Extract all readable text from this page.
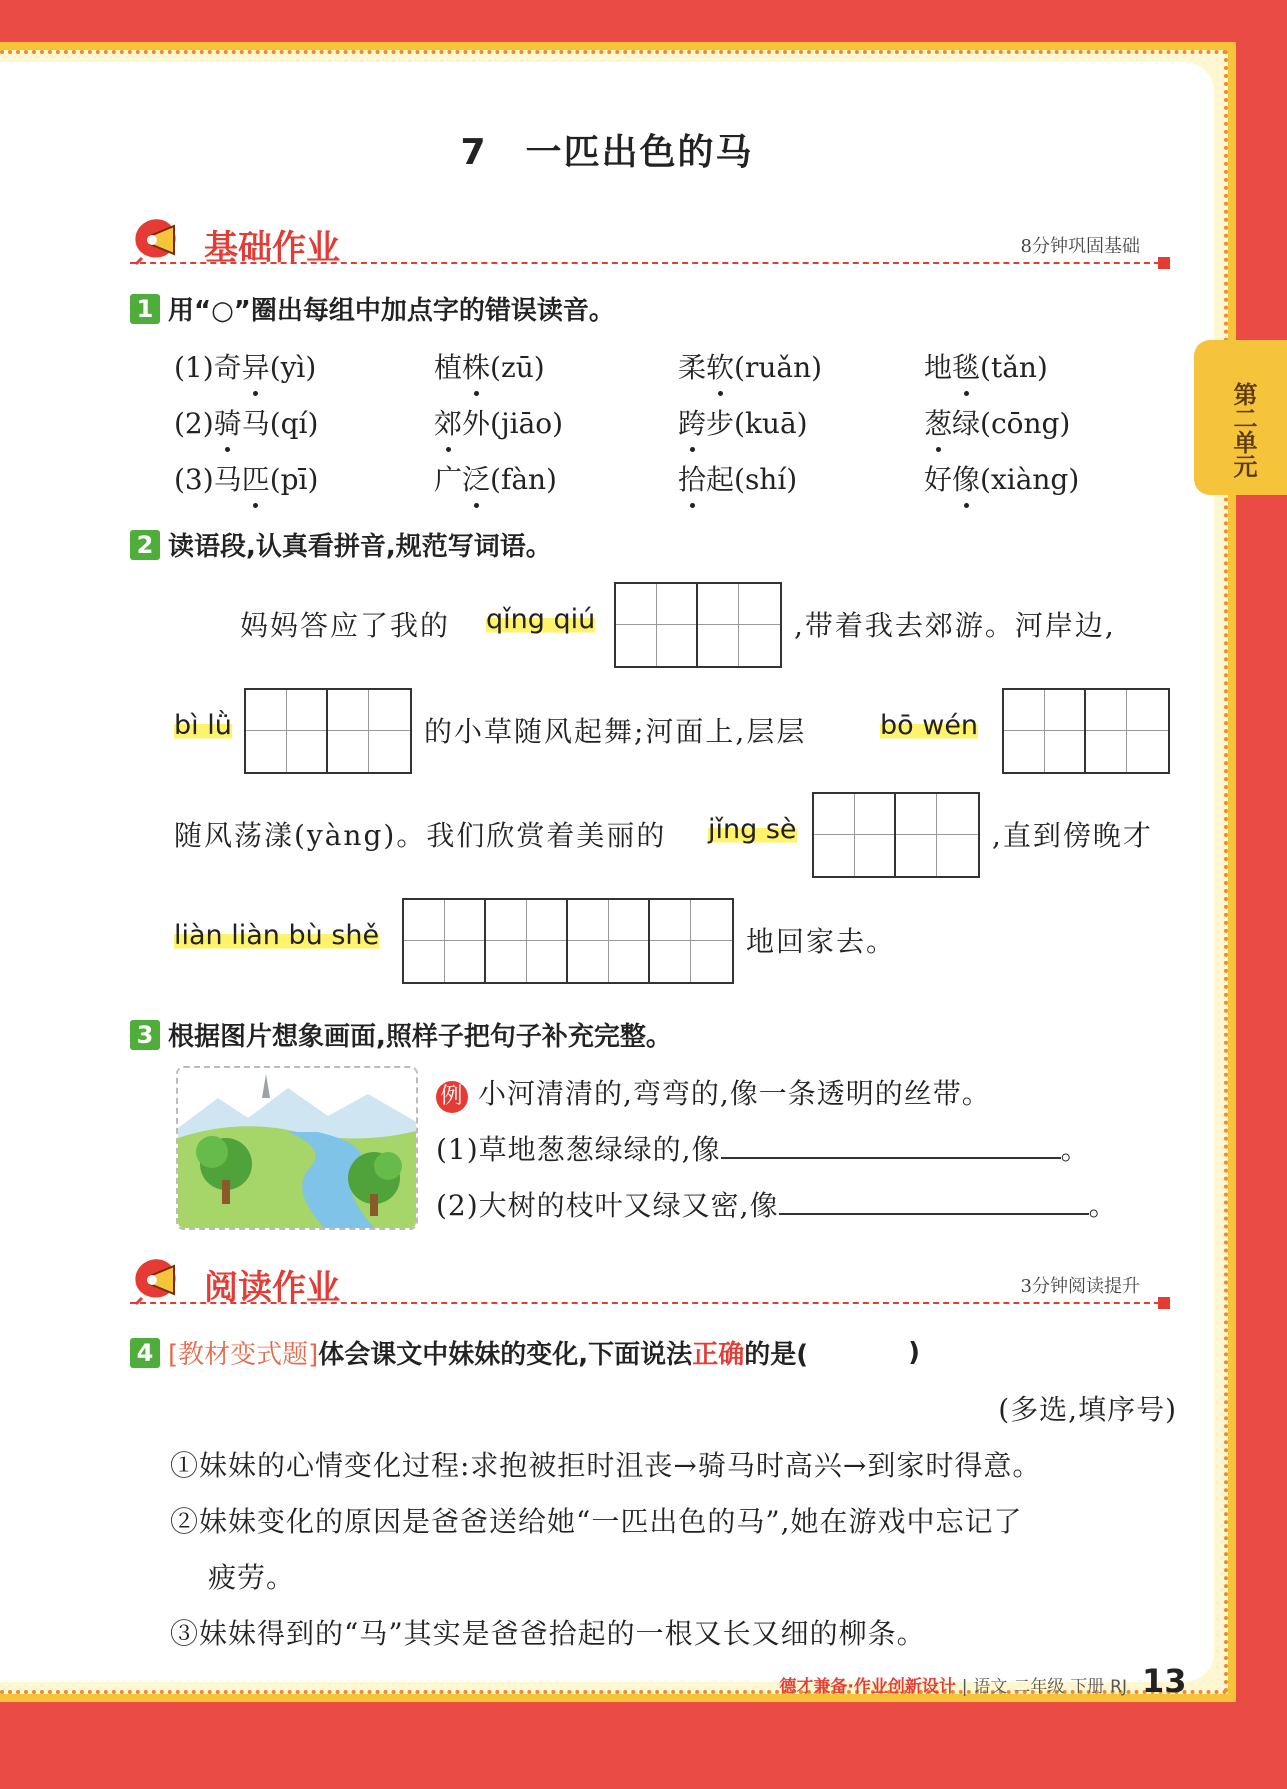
7　一匹出色的马
第二单元
基础作业	8分钟巩固基础
1 用“○”圈出每组中加点字的错误读音。
(1)奇异(yì)	植株(zū)	柔软(ruǎn)	地毯(tǎn)
(2)骑马(qí)	郊外(jiāo)	跨步(kuā)	葱绿(cōng)
(3)马匹(pī)	广泛(fàn)	拾起(shí)	好像(xiàng)
2 读语段,认真看拼音,规范写词语。
妈妈答应了我的 qǐng qiú	,带着我去郊游。河岸边,
bì lǜ	的小草随风起舞;河面上,层层	bō wén
随风荡漾(yàng)。我们欣赏着美丽的 jǐng sè	,直到傍晚才
liàn liàn bù shě	地回家去。
3 根据图片想象画面,照样子把句子补充完整。
例 小河清清的,弯弯的,像一条透明的丝带。
(1)草地葱葱绿绿的,像	。
(2)大树的枝叶又绿又密,像	。
阅读作业	3分钟阅读提升
4 [教材变式题]体会课文中妹妹的变化,下面说法正确的是(	)
(多选,填序号)
①妹妹的心情变化过程:求抱被拒时沮丧→骑马时高兴→到家时得意。
②妹妹变化的原因是爸爸送给她“一匹出色的马”,她在游戏中忘记了
疲劳。
③妹妹得到的“马”其实是爸爸拾起的一根又长又细的柳条。
德才兼备·作业创新设计 | 语文 二年级 下册 RJ 13
